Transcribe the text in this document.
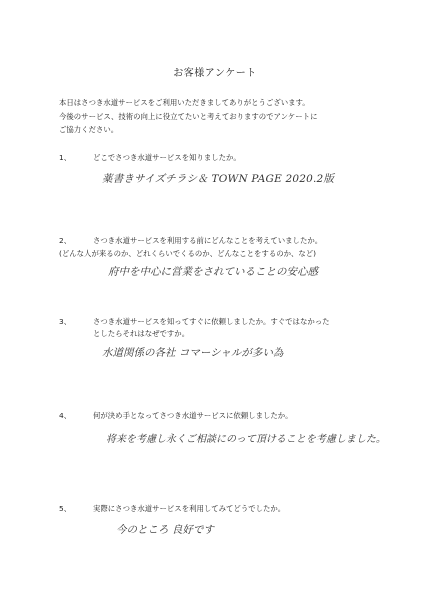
お客様アンケート
本日はさつき水道サービスをご利用いただきましてありがとうございます。
今後のサービス、技術の向上に役立てたいと考えておりますのでアンケートに
ご協力ください。
1、	どこでさつき水道サービスを知りましたか。
薬書きサイズチラシ＆ TOWN PAGE 2020.2版
2、	さつき水道サービスを利用する前にどんなことを考えていましたか。
(どんな人が来るのか、どれくらいでくるのか、どんなことをするのか、など)
府中を中心に営業をされていることの安心感
3、	さつき水道サービスを知ってすぐに依頼しましたか。すぐではなかった
としたらそれはなぜですか。
水道関係の各社 コマーシャルが多い為
4、	何が決め手となってさつき水道サービスに依頼しましたか。
将来を考慮し永くご相談にのって頂けることを考慮しました。
5、	実際にさつき水道サービスを利用してみてどうでしたか。
今のところ 良好です
